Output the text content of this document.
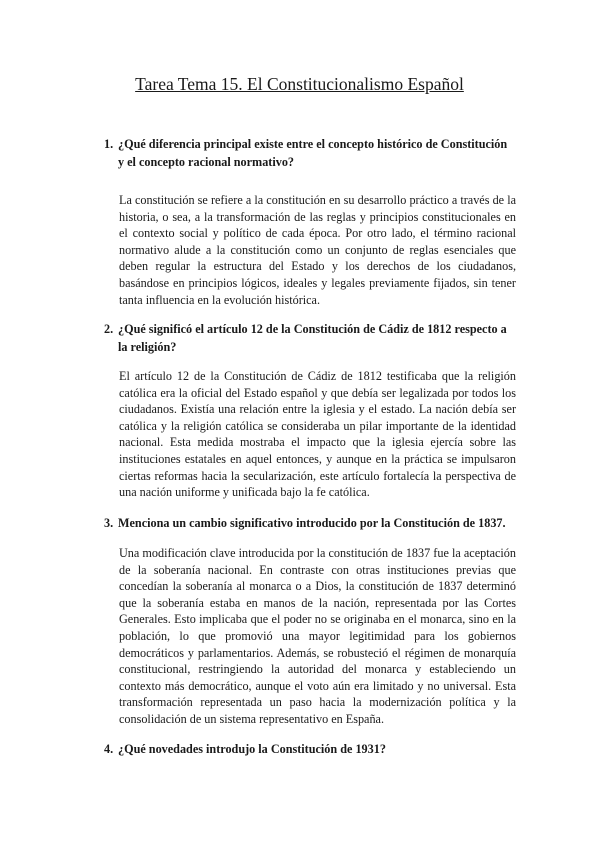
Tarea Tema 15. El Constitucionalismo Español
1. ¿Qué diferencia principal existe entre el concepto histórico de Constitución y el concepto racional normativo?

La constitución se refiere a la constitución en su desarrollo práctico a través de la historia, o sea, a la transformación de las reglas y principios constitucionales en el contexto social y político de cada época. Por otro lado, el término racional normativo alude a la constitución como un conjunto de reglas esenciales que deben regular la estructura del Estado y los derechos de los ciudadanos, basándose en principios lógicos, ideales y legales previamente fijados, sin tener tanta influencia en la evolución histórica.

2. ¿Qué significó el artículo 12 de la Constitución de Cádiz de 1812 respecto a la religión?

El artículo 12 de la Constitución de Cádiz de 1812 testificaba que la religión católica era la oficial del Estado español y que debía ser legalizada por todos los ciudadanos. Existía una relación entre la iglesia y el estado. La nación debía ser católica y la religión católica se consideraba un pilar importante de la identidad nacional. Esta medida mostraba el impacto que la iglesia ejercía sobre las instituciones estatales en aquel entonces, y aunque en la práctica se impulsaron ciertas reformas hacia la secularización, este artículo fortalecía la perspectiva de una nación uniforme y unificada bajo la fe católica.

3. Menciona un cambio significativo introducido por la Constitución de 1837.

Una modificación clave introducida por la constitución de 1837 fue la aceptación de la soberanía nacional. En contraste con otras instituciones previas que concedían la soberanía al monarca o a Dios, la constitución de 1837 determinó que la soberanía estaba en manos de la nación, representada por las Cortes Generales. Esto implicaba que el poder no se originaba en el monarca, sino en la población, lo que promovió una mayor legitimidad para los gobiernos democráticos y parlamentarios. Además, se robusteció el régimen de monarquía constitucional, restringiendo la autoridad del monarca y estableciendo un contexto más democrático, aunque el voto aún era limitado y no universal. Esta transformación representada un paso hacia la modernización política y la consolidación de un sistema representativo en España.

4. ¿Qué novedades introdujo la Constitución de 1931?
